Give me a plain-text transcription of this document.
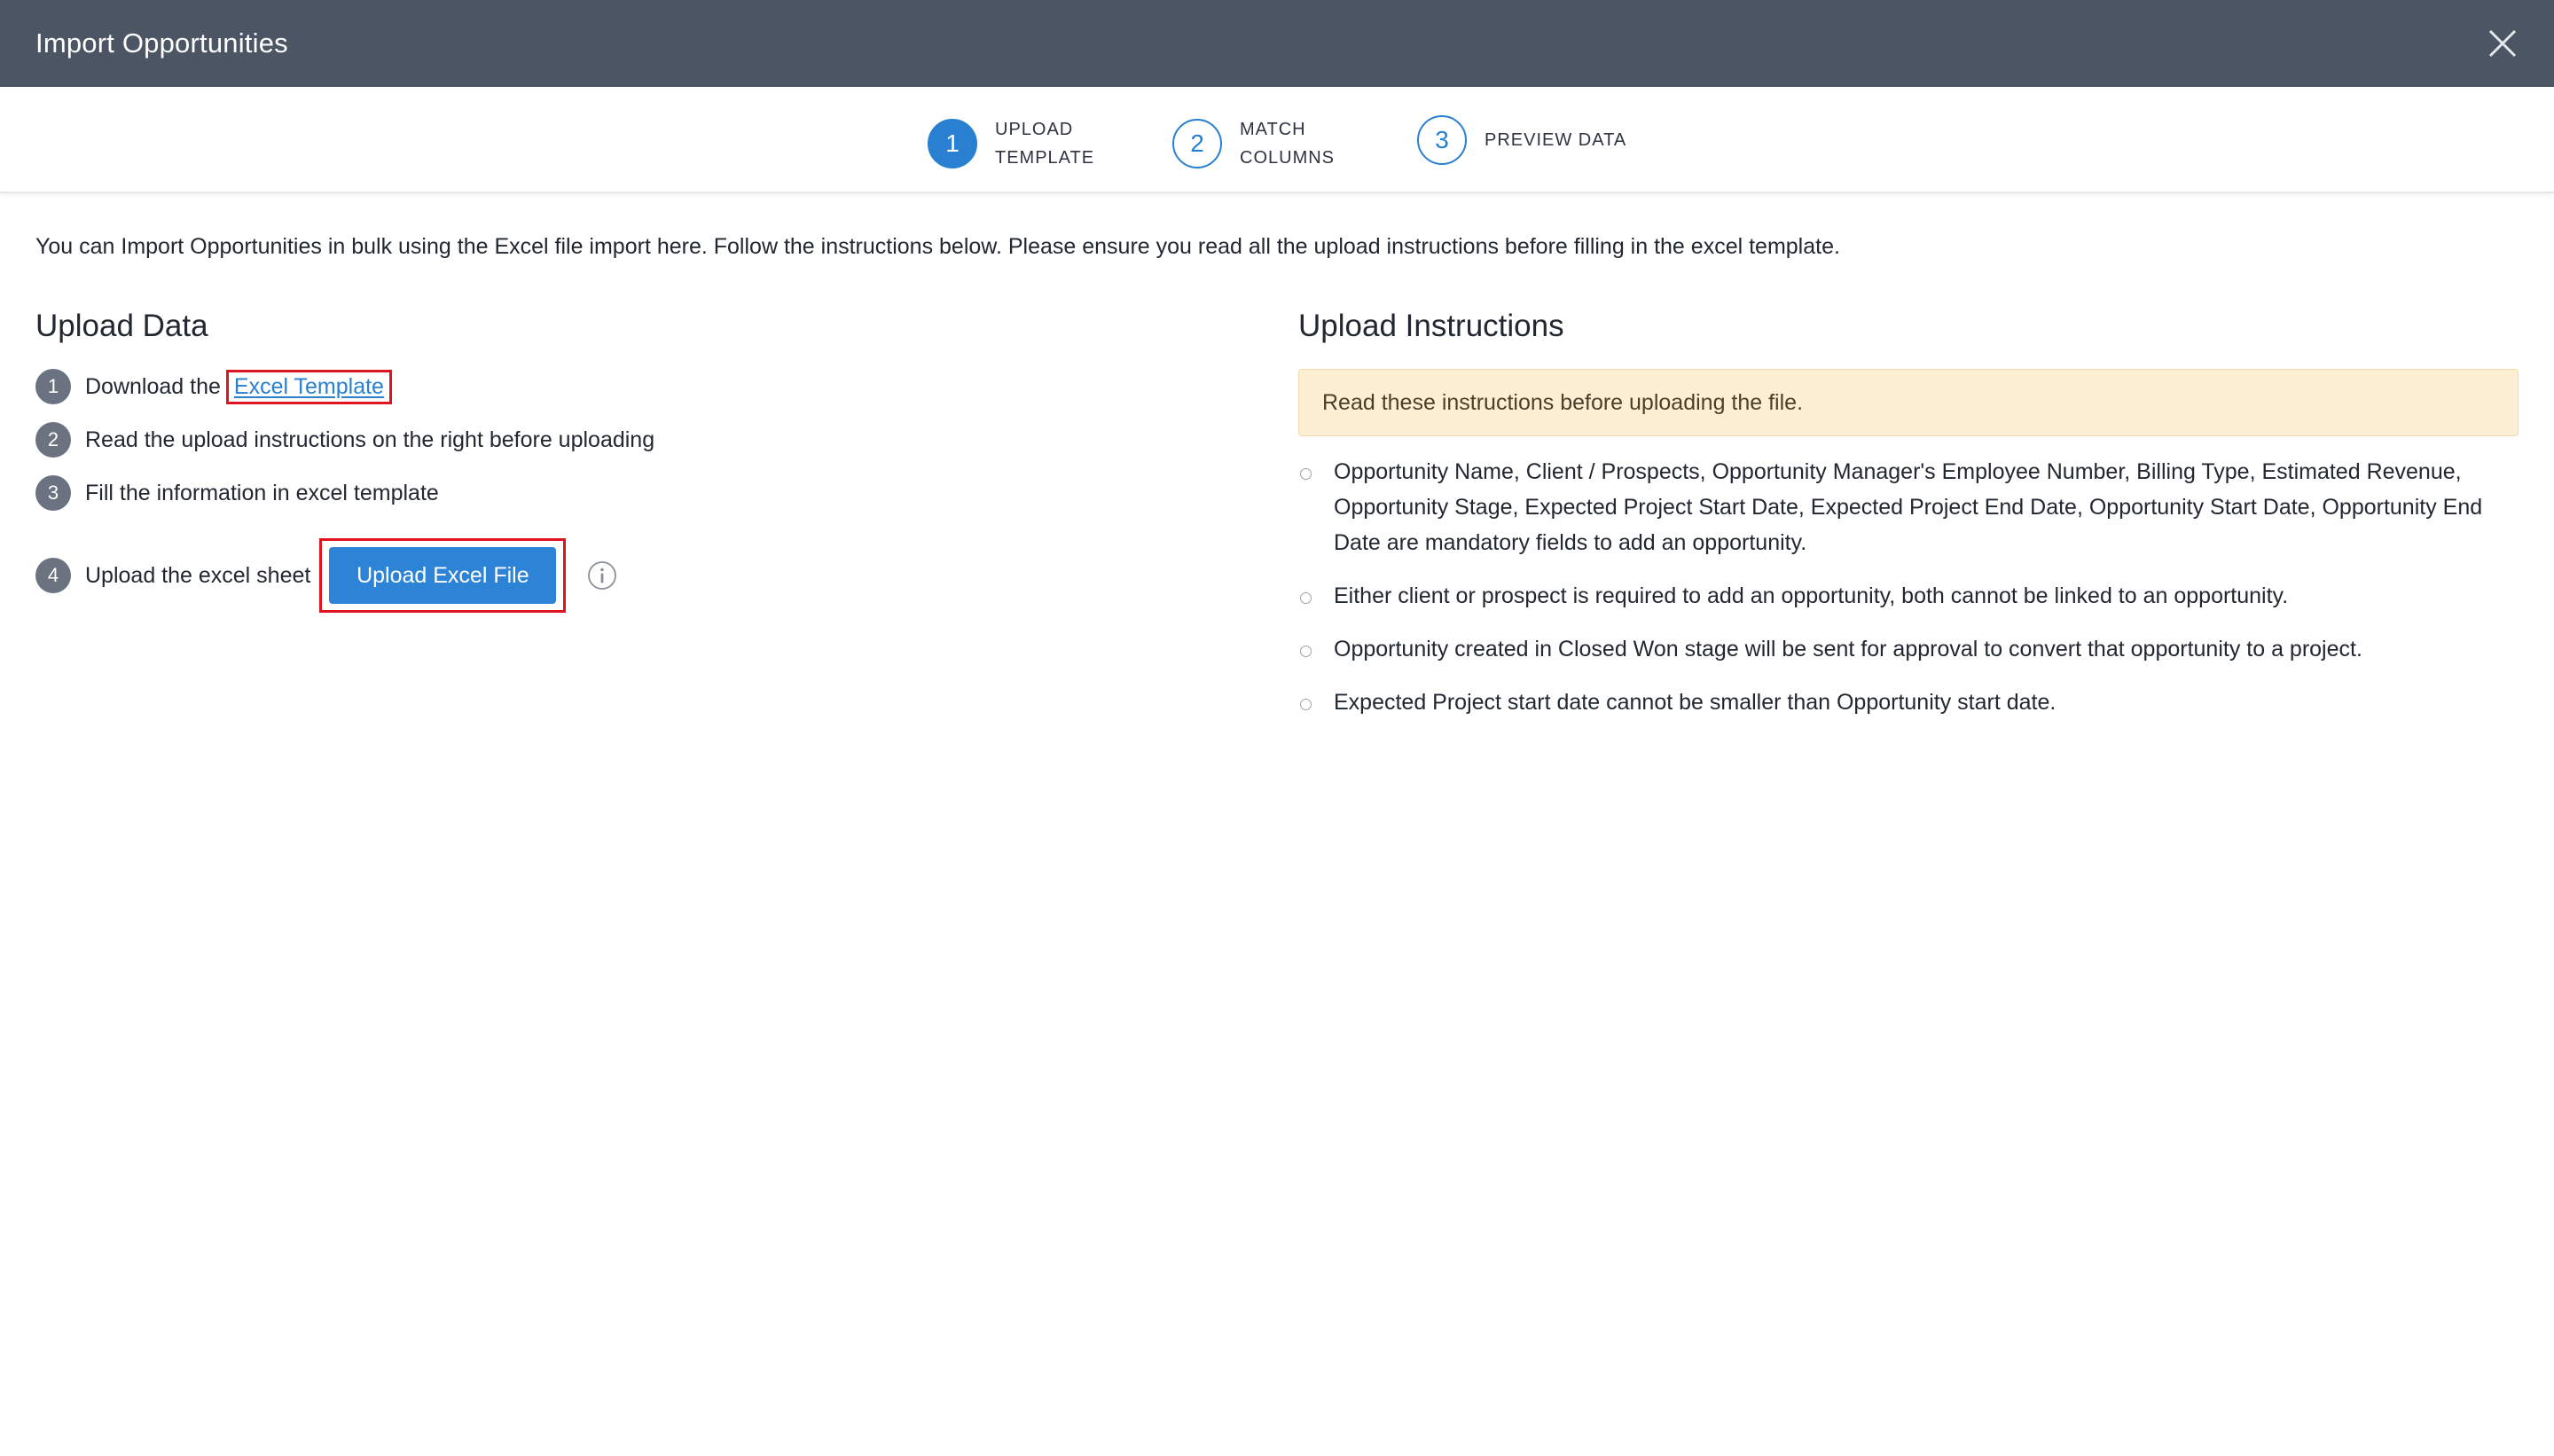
Import Opportunities
1	UPLOAD
TEMPLATE
2	MATCH
COLUMNS
3	PREVIEW DATA
You can Import Opportunities in bulk using the Excel file import here. Follow the instructions below. Please ensure you read all the upload instructions before filling in the excel template.
Upload Data
1	Download the Excel Template
2	Read the upload instructions on the right before uploading
3	Fill the information in excel template
4	Upload the excel sheet	Upload Excel File
Upload Instructions
Read these instructions before uploading the file.
Opportunity Name, Client / Prospects, Opportunity Manager's Employee Number, Billing Type, Estimated Revenue, Opportunity Stage, Expected Project Start Date, Expected Project End Date, Opportunity Start Date, Opportunity End Date are mandatory fields to add an opportunity.
Either client or prospect is required to add an opportunity, both cannot be linked to an opportunity.
Opportunity created in Closed Won stage will be sent for approval to convert that opportunity to a project.
Expected Project start date cannot be smaller than Opportunity start date.
